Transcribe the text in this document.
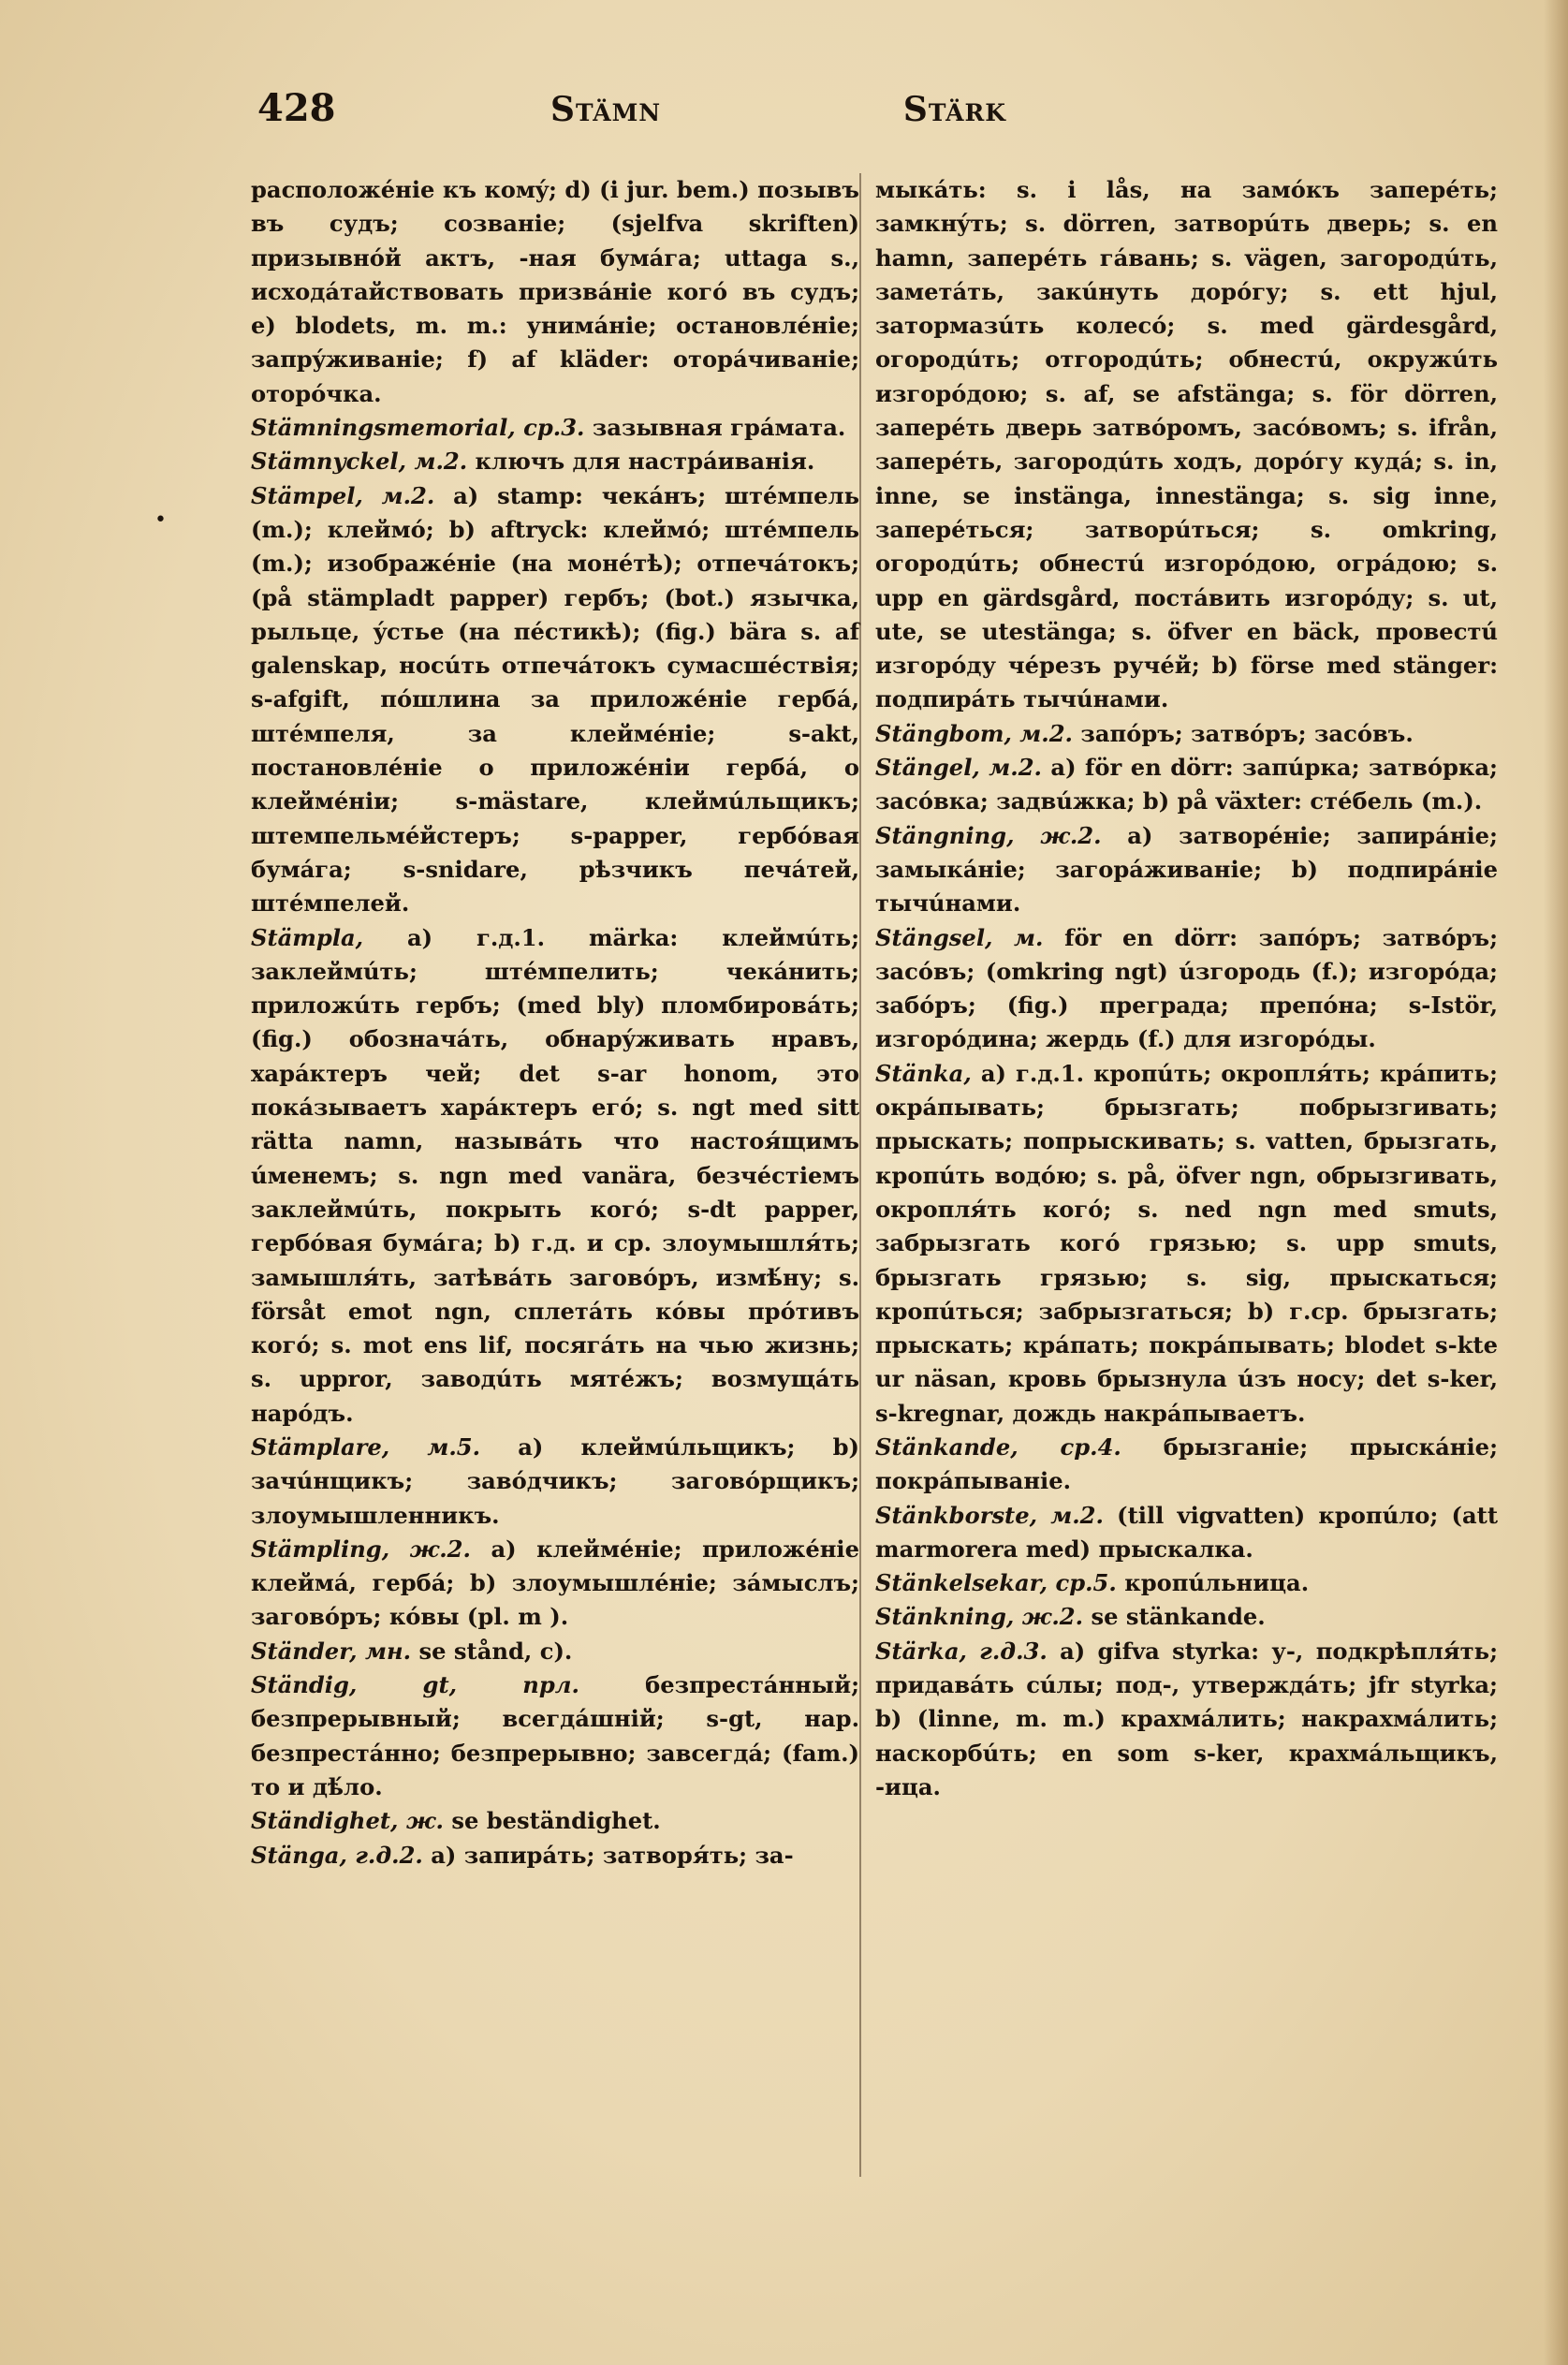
428	Stämn	Stärk
•

расположéніе къ комý; d) (i jur. bem.) позывъ въ судъ; созваніе; (sjelfva skriften) призывнóй актъ, -ная бумáга; uttaga s., исходáтайствовать призвáніе когó въ судъ; e) blodets, m. m.: унимáніе; остановлéніе; запрýживаніе; f) af kläder: оторáчиваніе; оторóчка.

Stämningsmemorial, ср.3. зазывная грáмата.

Stämnyckel, м.2. ключъ для настрáиванія.

Stämpel, м.2. a) stamp: чекáнъ; штéмпель (m.); клеймó; b) aftryck: клеймó; штéмпель (m.); изображéніе (на монéтѣ); отпечáтокъ; (på stämpladt papper) гербъ; (bot.) язычка, рыльце, ýстье (на пéстикѣ); (fig.) bära s. af galenskap, носúть отпечáтокъ сумасшéствія; s-afgift, пóшлина за приложéніе гербá, штéмпеля, за клеймéніе; s-akt, постановлéніе о приложéніи гербá, о клеймéніи; s-mästare, клеймúльщикъ; штемпельмéйстеръ; s-papper, гербóвая бумáга; s-snidare, рѣзчикъ печáтей, штéмпелей.

Stämpla, a) г.д.1. märka: клеймúть; заклеймúть; штéмпелить; чекáнить; приложúть гербъ; (med bly) пломбировáть; (fig.) обозначáть, обнарýживать нравъ, харáктеръ чей; det s-ar honom, это покáзываетъ харáктеръ егó; s. ngt med sitt rätta namn, называ́ть что настоя́щимъ úменемъ; s. ngn med vanära, безчéстіемъ заклеймúть, покрыть когó; s-dt papper, гербóвая бумáга; b) г.д. и ср. злоумышля́ть; замышля́ть, затѣвáть заговóръ, измѣ́ну; s. försåt emot ngn, сплетáть кóвы прóтивъ когó; s. mot ens lif, посягáть на чью жизнь; s. uppror, заводúть мятéжъ; возмущáть нарóдъ.

Stämplare, м.5. a) клеймúльщикъ; b) зачúнщикъ; завóдчикъ; заговóрщикъ; злоумышленникъ.

Stämpling, ж.2. a) клеймéніе; приложéніе клеймá, гербá; b) злоумышлéніе; зáмыслъ; заговóръ; кóвы (pl. m ).

Ständer, мн. se stånd, c).

Ständig, gt, прл. безпрестáнный; безпрерывный; всегдáшній; s-gt, нар. безпрестáнно; безпрерывно; завсегдá; (fam.) то и дѣ́ло.

Ständighet, ж. se beständighet.

Stänga, г.д.2. a) запирáть; затворя́ть; за-

мыкáть: s. i lås, на замóкъ заперéть; замкнýть; s. dörren, затворúть дверь; s. en hamn, заперéть гáвань; s. vägen, загородúть, заметáть, закúнуть дорóгу; s. ett hjul, затормазúть колесó; s. med gärdesgård, огородúть; отгородúть; обнестú, окружúть изгорóдою; s. af, se afstänga; s. för dörren, заперéть дверь затвóромъ, засóвомъ; s. ifrån, заперéть, загородúть ходъ, дорóгу кудá; s. in, inne, se instänga, innestänga; s. sig inne, заперéться; затворúться; s. omkring, огородúть; обнестú изгорóдою, огрáдою; s. upp en gärdsgård, постáвить изгорóду; s. ut, ute, se utestänga; s. öfver en bäck, провестú изгорóду чéрезъ ручéй; b) förse med stänger: подпирáть тычúнами.

Stängbom, м.2. запóръ; затвóръ; засóвъ.

Stängel, м.2. a) för en dörr: запúрка; затвóрка; засóвка; задвúжка; b) på växter: стéбель (m.).

Stängning, ж.2. a) затворéніе; запирáніе; замыкáніе; загорáживаніе; b) подпирáніе тычúнами.

Stängsel, м. för en dörr: запóръ; затвóръ; засóвъ; (omkring ngt) úзгородь (f.); изгорóда; забóръ; (fig.) преграда; препóна; s-Istör, изгорóдина; жердь (f.) для изгорóды.

Stänka, a) г.д.1. кропúть; окропля́ть; крáпить; окрáпывать; брызгать; побрызгивать; прыскать; попрыскивать; s. vatten, брызгать, кропúть водóю; s. på, öfver ngn, обрызгивать, окропля́ть когó; s. ned ngn med smuts, забрызгать когó грязью; s. upp smuts, брызгать грязью; s. sig, прыскаться; кропúться; забрызгаться; b) г.ср. брызгать; прыскать; крáпать; покрáпывать; blodet s-kte ur näsan, кровь брызнула úзъ носу; det s-ker, s-kregnar, дождь накрáпываетъ.

Stänkande, ср.4. брызганіе; прыскáніе; покрáпываніе.

Stänkborste, м.2. (till vigvatten) кропúло; (att marmorera med) прыскалка.

Stänkelsekar, ср.5. кропúльница.

Stänkning, ж.2. se stänkande.

Stärka, г.д.3. a) gifva styrka: у-, подкрѣпля́ть; придавáть сúлы; под-, утверждáть; jfr styrka; b) (linne, m. m.) крахмáлить; накрахмáлить; наскорбúть; en som s-ker, крахмáльщикъ, -ица.
